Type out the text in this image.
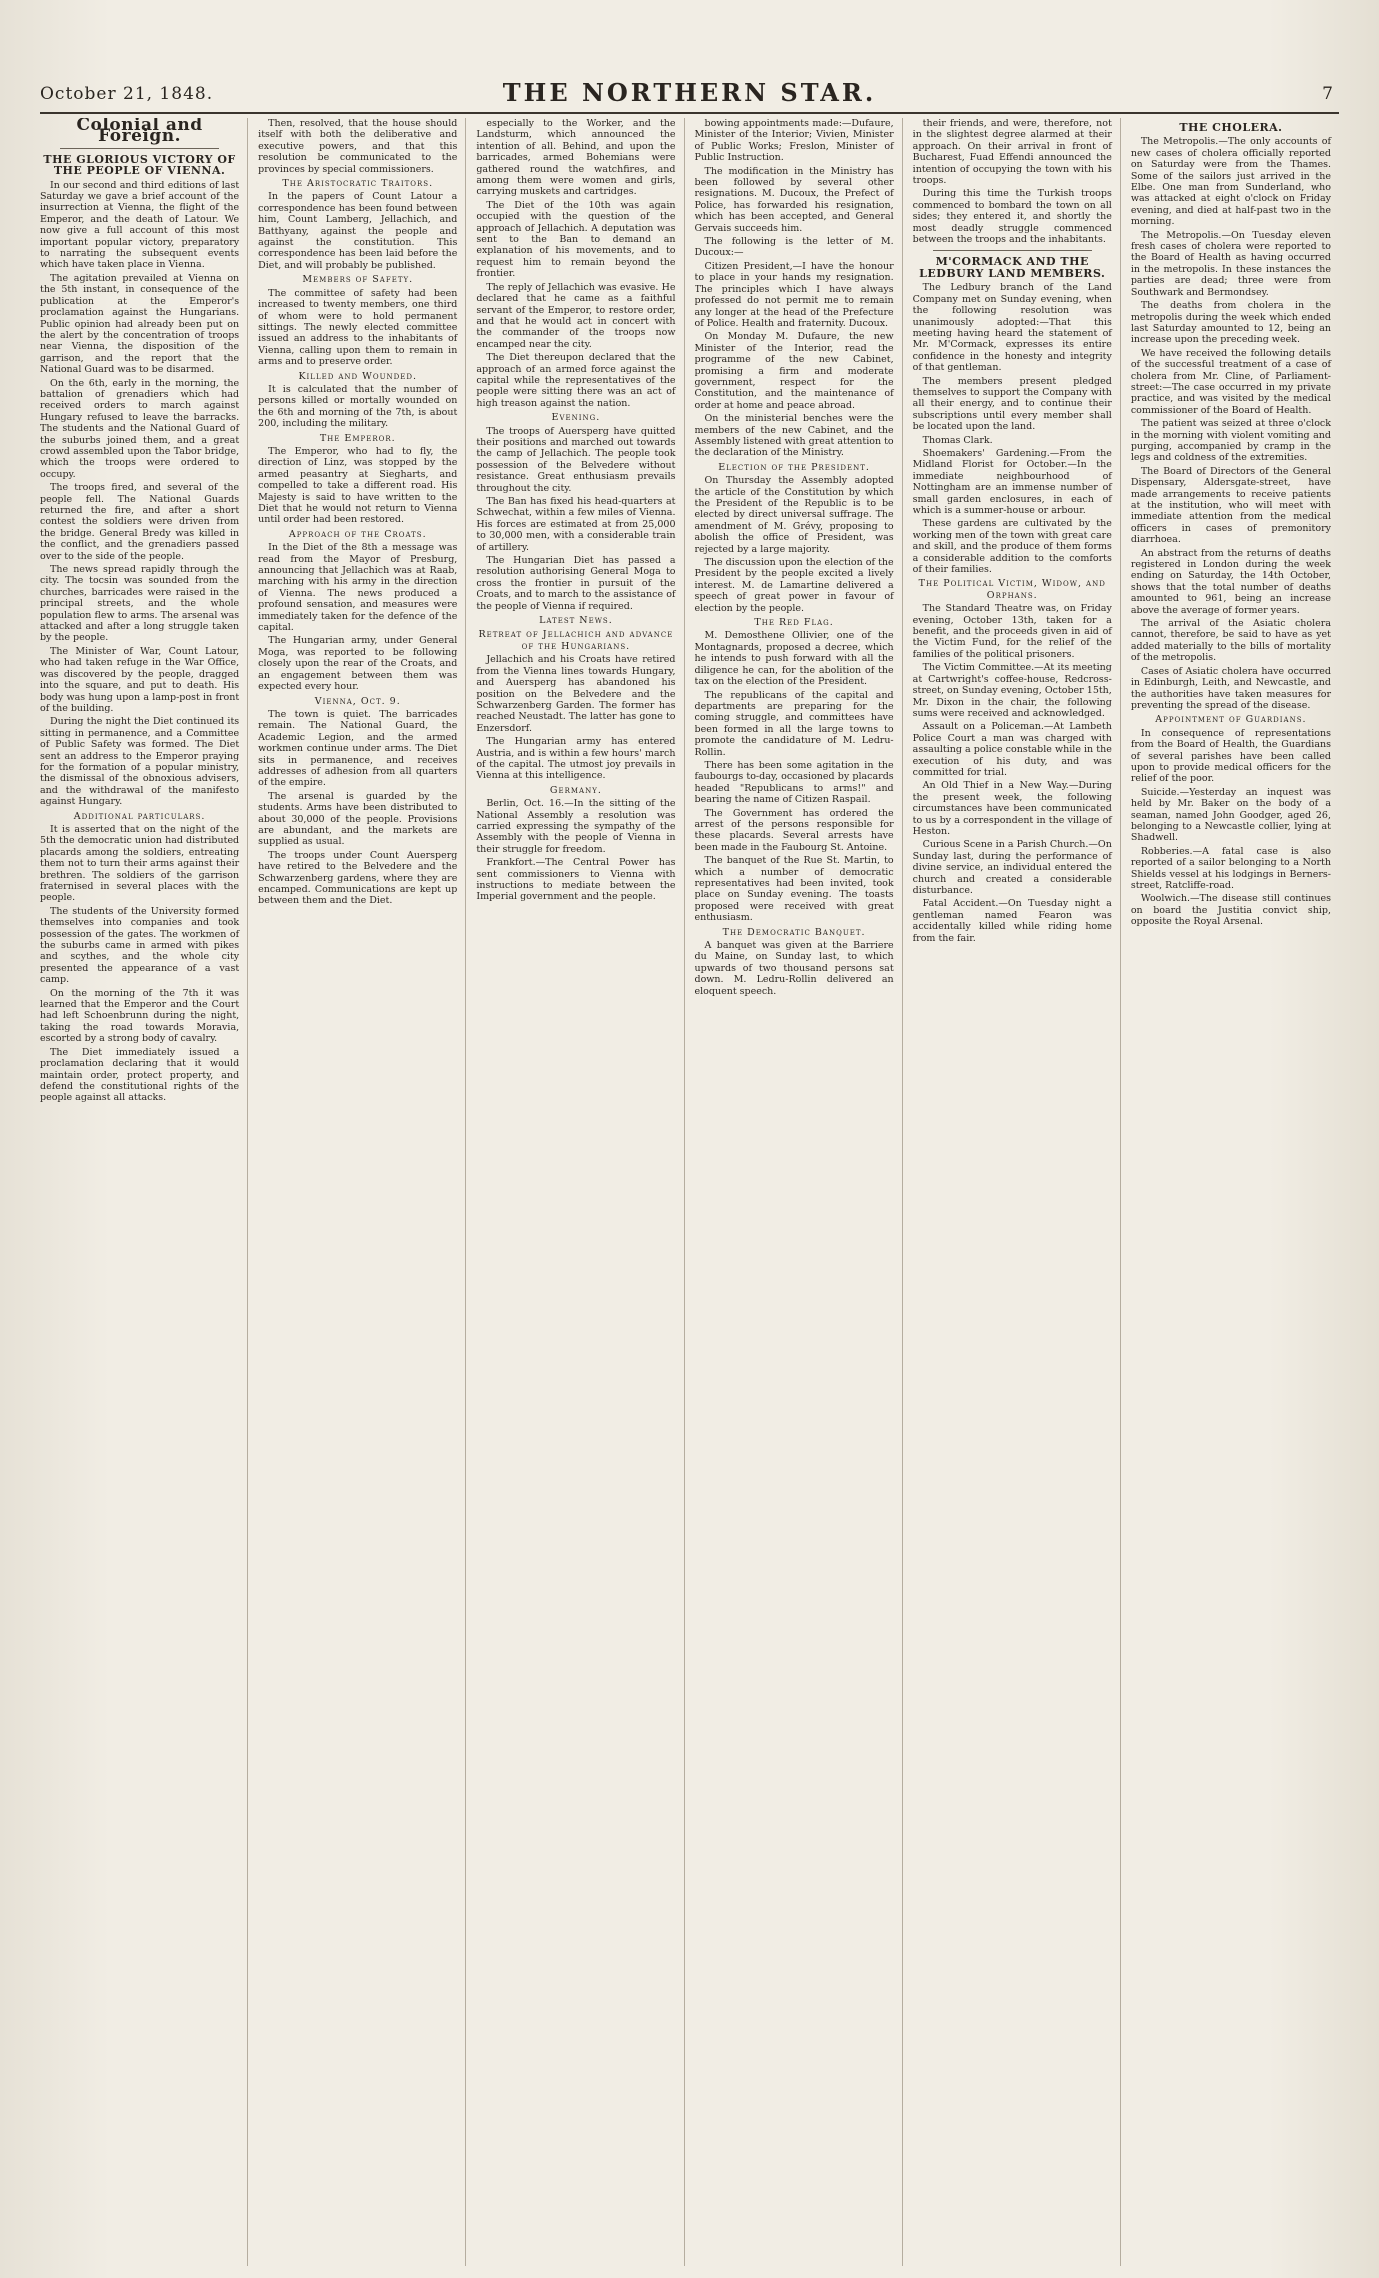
October 21, 1848.	THE NORTHERN STAR.	7
Colonial and Foreign.
THE GLORIOUS VICTORY OF THE PEOPLE OF VIENNA.

In our second and third editions of last Saturday we gave a brief account of the insurrection at Vienna, the flight of the Emperor, and the death of Latour. We now give a full account of this most important popular victory, preparatory to narrating the subsequent events which have taken place in Vienna.

The agitation prevailed at Vienna on the 5th instant, in consequence of the publication at the Emperor's proclamation against the Hungarians. Public opinion had already been put on the alert by the concentration of troops near Vienna, the disposition of the garrison, and the report that the National Guard was to be disarmed.

On the 6th, early in the morning, the battalion of grenadiers which had received orders to march against Hungary refused to leave the barracks. The students and the National Guard of the suburbs joined them, and a great crowd assembled upon the Tabor bridge, which the troops were ordered to occupy.

The troops fired, and several of the people fell. The National Guards returned the fire, and after a short contest the soldiers were driven from the bridge. General Bredy was killed in the conflict, and the grenadiers passed over to the side of the people.

The news spread rapidly through the city. The tocsin was sounded from the churches, barricades were raised in the principal streets, and the whole population flew to arms. The arsenal was attacked and after a long struggle taken by the people.

The Minister of War, Count Latour, who had taken refuge in the War Office, was discovered by the people, dragged into the square, and put to death. His body was hung upon a lamp-post in front of the building.

During the night the Diet continued its sitting in permanence, and a Committee of Public Safety was formed. The Diet sent an address to the Emperor praying for the formation of a popular ministry, the dismissal of the obnoxious advisers, and the withdrawal of the manifesto against Hungary.

Additional particulars.

It is asserted that on the night of the 5th the democratic union had distributed placards among the soldiers, entreating them not to turn their arms against their brethren. The soldiers of the garrison fraternised in several places with the people.

The students of the University formed themselves into companies and took possession of the gates. The workmen of the suburbs came in armed with pikes and scythes, and the whole city presented the appearance of a vast camp.

On the morning of the 7th it was learned that the Emperor and the Court had left Schoenbrunn during the night, taking the road towards Moravia, escorted by a strong body of cavalry.

The Diet immediately issued a proclamation declaring that it would maintain order, protect property, and defend the constitutional rights of the people against all attacks.

Then, resolved, that the house should itself with both the deliberative and executive powers, and that this resolution be communicated to the provinces by special commissioners.

The Aristocratic Traitors.

In the papers of Count Latour a correspondence has been found between him, Count Lamberg, Jellachich, and Batthyany, against the people and against the constitution. This correspondence has been laid before the Diet, and will probably be published.

Members of Safety.

The committee of safety had been increased to twenty members, one third of whom were to hold permanent sittings. The newly elected committee issued an address to the inhabitants of Vienna, calling upon them to remain in arms and to preserve order.

Killed and Wounded.

It is calculated that the number of persons killed or mortally wounded on the 6th and morning of the 7th, is about 200, including the military.

The Emperor.

The Emperor, who had to fly, the direction of Linz, was stopped by the armed peasantry at Siegharts, and compelled to take a different road. His Majesty is said to have written to the Diet that he would not return to Vienna until order had been restored.

Approach of the Croats.

In the Diet of the 8th a message was read from the Mayor of Presburg, announcing that Jellachich was at Raab, marching with his army in the direction of Vienna. The news produced a profound sensation, and measures were immediately taken for the defence of the capital.

The Hungarian army, under General Moga, was reported to be following closely upon the rear of the Croats, and an engagement between them was expected every hour.

Vienna, Oct. 9.

The town is quiet. The barricades remain. The National Guard, the Academic Legion, and the armed workmen continue under arms. The Diet sits in permanence, and receives addresses of adhesion from all quarters of the empire.

The arsenal is guarded by the students. Arms have been distributed to about 30,000 of the people. Provisions are abundant, and the markets are supplied as usual.

The troops under Count Auersperg have retired to the Belvedere and the Schwarzenberg gardens, where they are encamped. Communications are kept up between them and the Diet.

especially to the Worker, and the Landsturm, which announced the intention of all. Behind, and upon the barricades, armed Bohemians were gathered round the watchfires, and among them were women and girls, carrying muskets and cartridges.

The Diet of the 10th was again occupied with the question of the approach of Jellachich. A deputation was sent to the Ban to demand an explanation of his movements, and to request him to remain beyond the frontier.

The reply of Jellachich was evasive. He declared that he came as a faithful servant of the Emperor, to restore order, and that he would act in concert with the commander of the troops now encamped near the city.

The Diet thereupon declared that the approach of an armed force against the capital while the representatives of the people were sitting there was an act of high treason against the nation.

Evening.

The troops of Auersperg have quitted their positions and marched out towards the camp of Jellachich. The people took possession of the Belvedere without resistance. Great enthusiasm prevails throughout the city.

The Ban has fixed his head-quarters at Schwechat, within a few miles of Vienna. His forces are estimated at from 25,000 to 30,000 men, with a considerable train of artillery.

The Hungarian Diet has passed a resolution authorising General Moga to cross the frontier in pursuit of the Croats, and to march to the assistance of the people of Vienna if required.

Latest News.
Retreat of Jellachich and advance of the Hungarians.

Jellachich and his Croats have retired from the Vienna lines towards Hungary, and Auersperg has abandoned his position on the Belvedere and the Schwarzenberg Garden. The former has reached Neustadt. The latter has gone to Enzersdorf.

The Hungarian army has entered Austria, and is within a few hours' march of the capital. The utmost joy prevails in Vienna at this intelligence.

Germany.

Berlin, Oct. 16.—In the sitting of the National Assembly a resolution was carried expressing the sympathy of the Assembly with the people of Vienna in their struggle for freedom.

Frankfort.—The Central Power has sent commissioners to Vienna with instructions to mediate between the Imperial government and the people.

bowing appointments made:—Dufaure, Minister of the Interior; Vivien, Minister of Public Works; Freslon, Minister of Public Instruction.

The modification in the Ministry has been followed by several other resignations. M. Ducoux, the Prefect of Police, has forwarded his resignation, which has been accepted, and General Gervais succeeds him.

The following is the letter of M. Ducoux:—

Citizen President,—I have the honour to place in your hands my resignation. The principles which I have always professed do not permit me to remain any longer at the head of the Prefecture of Police. Health and fraternity. Ducoux.

On Monday M. Dufaure, the new Minister of the Interior, read the programme of the new Cabinet, promising a firm and moderate government, respect for the Constitution, and the maintenance of order at home and peace abroad.

On the ministerial benches were the members of the new Cabinet, and the Assembly listened with great attention to the declaration of the Ministry.

Election of the President.

On Thursday the Assembly adopted the article of the Constitution by which the President of the Republic is to be elected by direct universal suffrage. The amendment of M. Grévy, proposing to abolish the office of President, was rejected by a large majority.

The discussion upon the election of the President by the people excited a lively interest. M. de Lamartine delivered a speech of great power in favour of election by the people.

The Red Flag.

M. Demosthene Ollivier, one of the Montagnards, proposed a decree, which he intends to push forward with all the diligence he can, for the abolition of the tax on the election of the President.

The republicans of the capital and departments are preparing for the coming struggle, and committees have been formed in all the large towns to promote the candidature of M. Ledru-Rollin.

There has been some agitation in the faubourgs to-day, occasioned by placards headed "Republicans to arms!" and bearing the name of Citizen Raspail.

The Government has ordered the arrest of the persons responsible for these placards. Several arrests have been made in the Faubourg St. Antoine.

The banquet of the Rue St. Martin, to which a number of democratic representatives had been invited, took place on Sunday evening. The toasts proposed were received with great enthusiasm.

The Democratic Banquet.

A banquet was given at the Barriere du Maine, on Sunday last, to which upwards of two thousand persons sat down. M. Ledru-Rollin delivered an eloquent speech.

their friends, and were, therefore, not in the slightest degree alarmed at their approach. On their arrival in front of Bucharest, Fuad Effendi announced the intention of occupying the town with his troops.

During this time the Turkish troops commenced to bombard the town on all sides; they entered it, and shortly the most deadly struggle commenced between the troops and the inhabitants.

M'CORMACK AND THE LEDBURY LAND MEMBERS.

The Ledbury branch of the Land Company met on Sunday evening, when the following resolution was unanimously adopted:—That this meeting having heard the statement of Mr. M'Cormack, expresses its entire confidence in the honesty and integrity of that gentleman.

The members present pledged themselves to support the Company with all their energy, and to continue their subscriptions until every member shall be located upon the land.

Thomas Clark.

Shoemakers' Gardening.—From the Midland Florist for October.—In the immediate neighbourhood of Nottingham are an immense number of small garden enclosures, in each of which is a summer-house or arbour.

These gardens are cultivated by the working men of the town with great care and skill, and the produce of them forms a considerable addition to the comforts of their families.

The Political Victim, Widow, and Orphans.

The Standard Theatre was, on Friday evening, October 13th, taken for a benefit, and the proceeds given in aid of the Victim Fund, for the relief of the families of the political prisoners.

The Victim Committee.—At its meeting at Cartwright's coffee-house, Redcross-street, on Sunday evening, October 15th, Mr. Dixon in the chair, the following sums were received and acknowledged.

Assault on a Policeman.—At Lambeth Police Court a man was charged with assaulting a police constable while in the execution of his duty, and was committed for trial.

An Old Thief in a New Way.—During the present week, the following circumstances have been communicated to us by a correspondent in the village of Heston.

Curious Scene in a Parish Church.—On Sunday last, during the performance of divine service, an individual entered the church and created a considerable disturbance.

Fatal Accident.—On Tuesday night a gentleman named Fearon was accidentally killed while riding home from the fair.

THE CHOLERA.

The Metropolis.—The only accounts of new cases of cholera officially reported on Saturday were from the Thames. Some of the sailors just arrived in the Elbe. One man from Sunderland, who was attacked at eight o'clock on Friday evening, and died at half-past two in the morning.

The Metropolis.—On Tuesday eleven fresh cases of cholera were reported to the Board of Health as having occurred in the metropolis. In these instances the parties are dead; three were from Southwark and Bermondsey.

The deaths from cholera in the metropolis during the week which ended last Saturday amounted to 12, being an increase upon the preceding week.

We have received the following details of the successful treatment of a case of cholera from Mr. Cline, of Parliament-street:—The case occurred in my private practice, and was visited by the medical commissioner of the Board of Health.

The patient was seized at three o'clock in the morning with violent vomiting and purging, accompanied by cramp in the legs and coldness of the extremities.

The Board of Directors of the General Dispensary, Aldersgate-street, have made arrangements to receive patients at the institution, who will meet with immediate attention from the medical officers in cases of premonitory diarrhoea.

An abstract from the returns of deaths registered in London during the week ending on Saturday, the 14th October, shows that the total number of deaths amounted to 961, being an increase above the average of former years.

The arrival of the Asiatic cholera cannot, therefore, be said to have as yet added materially to the bills of mortality of the metropolis.

Cases of Asiatic cholera have occurred in Edinburgh, Leith, and Newcastle, and the authorities have taken measures for preventing the spread of the disease.

Appointment of Guardians.

In consequence of representations from the Board of Health, the Guardians of several parishes have been called upon to provide medical officers for the relief of the poor.

Suicide.—Yesterday an inquest was held by Mr. Baker on the body of a seaman, named John Goodger, aged 26, belonging to a Newcastle collier, lying at Shadwell.

Robberies.—A fatal case is also reported of a sailor belonging to a North Shields vessel at his lodgings in Berners-street, Ratcliffe-road.

Woolwich.—The disease still continues on board the Justitia convict ship, opposite the Royal Arsenal.
